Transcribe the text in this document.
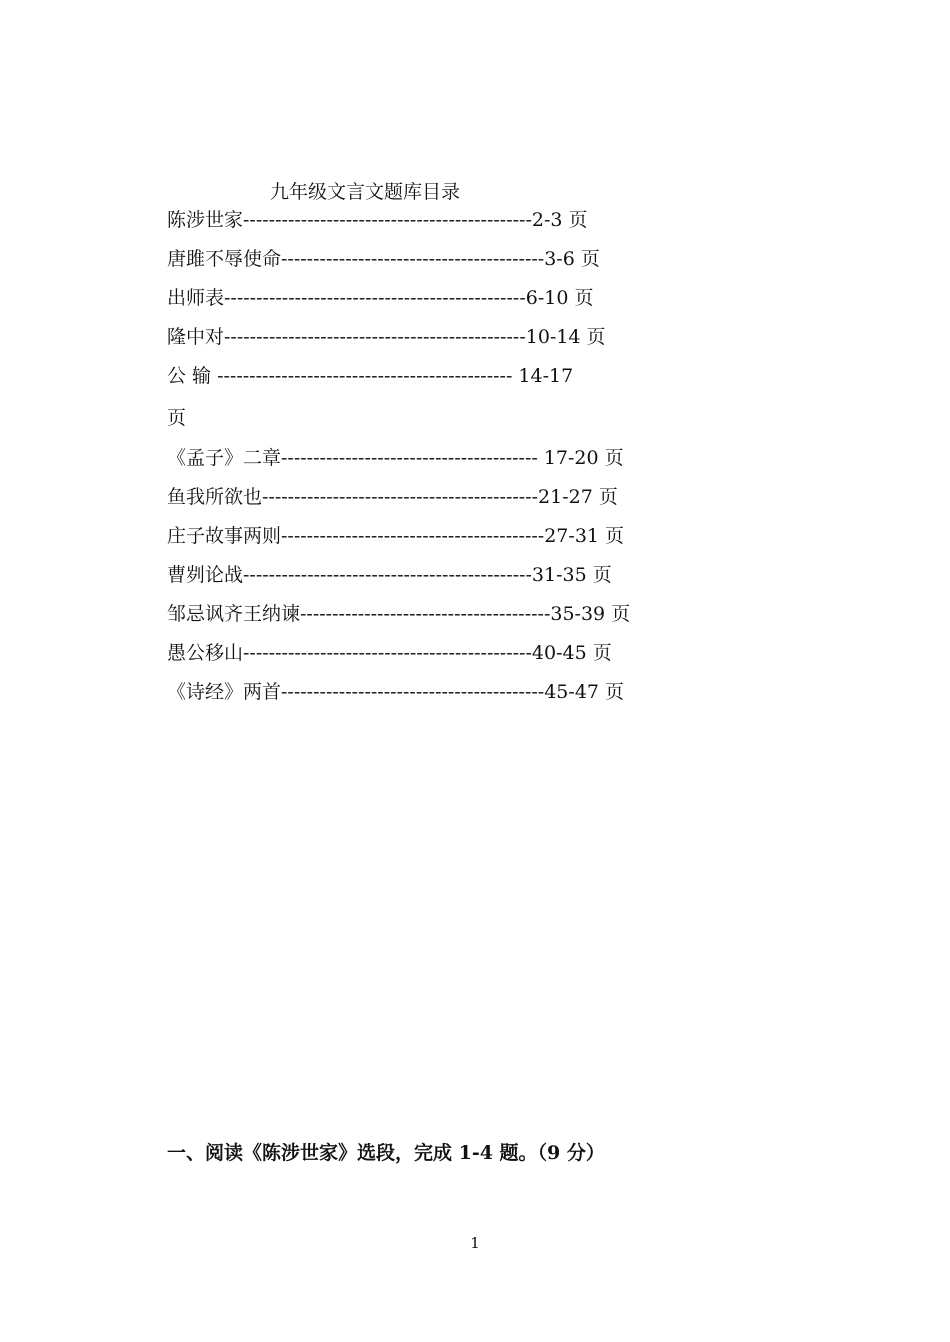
九年级文言文题库目录
陈涉世家---------------------------------------------2-3 页
唐雎不辱使命-----------------------------------------3-6 页
出师表-----------------------------------------------6-10 页
隆中对-----------------------------------------------10-14 页
公 输 ---------------------------------------------- 14-17
页
《孟子》二章---------------------------------------- 17-20 页
鱼我所欲也-------------------------------------------21-27 页
庄子故事两则-----------------------------------------27-31 页
曹刿论战---------------------------------------------31-35 页
邹忌讽齐王纳谏---------------------------------------35-39 页
愚公移山---------------------------------------------40-45 页
《诗经》两首-----------------------------------------45-47 页
一、阅读《陈涉世家》选段，完成 1-4 题。（9 分）
1
